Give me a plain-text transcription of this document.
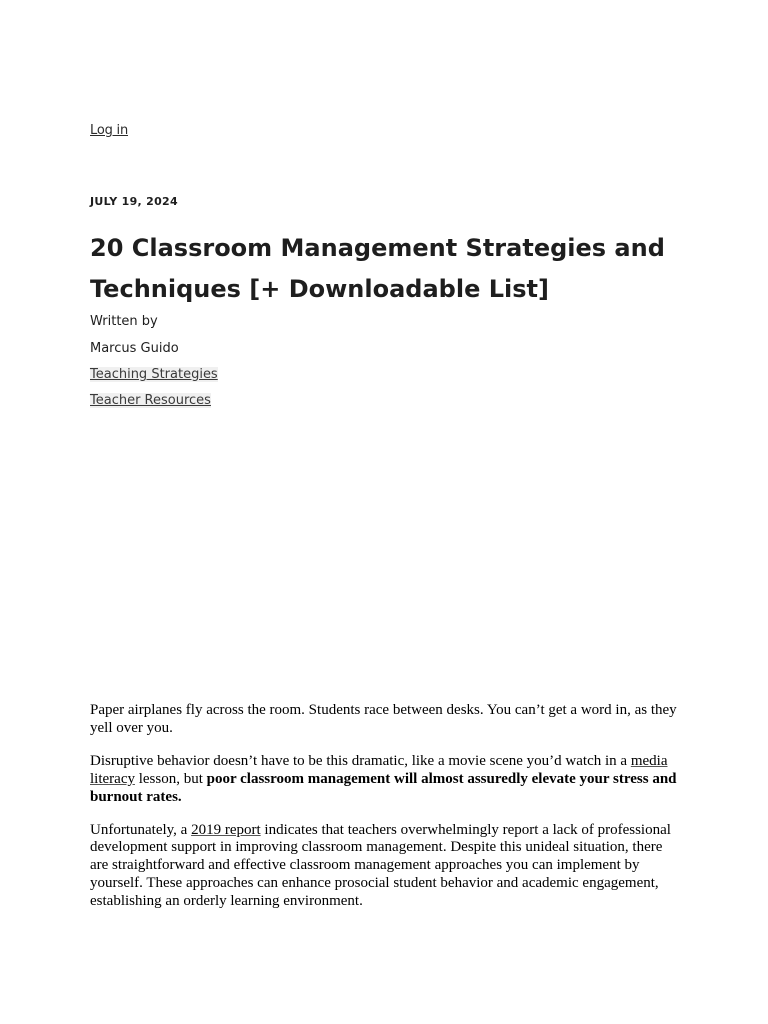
Log in
JULY 19, 2024
20 Classroom Management Strategies and Techniques [+ Downloadable List]
Written by
Marcus Guido
Teaching Strategies
Teacher Resources

Paper airplanes fly across the room. Students race between desks. You can’t get a word in, as they yell over you.

Disruptive behavior doesn’t have to be this dramatic, like a movie scene you’d watch in a media literacy lesson, but poor classroom management will almost assuredly elevate your stress and burnout rates.

Unfortunately, a 2019 report indicates that teachers overwhelmingly report a lack of professional development support in improving classroom management. Despite this unideal situation, there are straightforward and effective classroom management approaches you can implement by yourself. These approaches can enhance prosocial student behavior and academic engagement, establishing an orderly learning environment.
